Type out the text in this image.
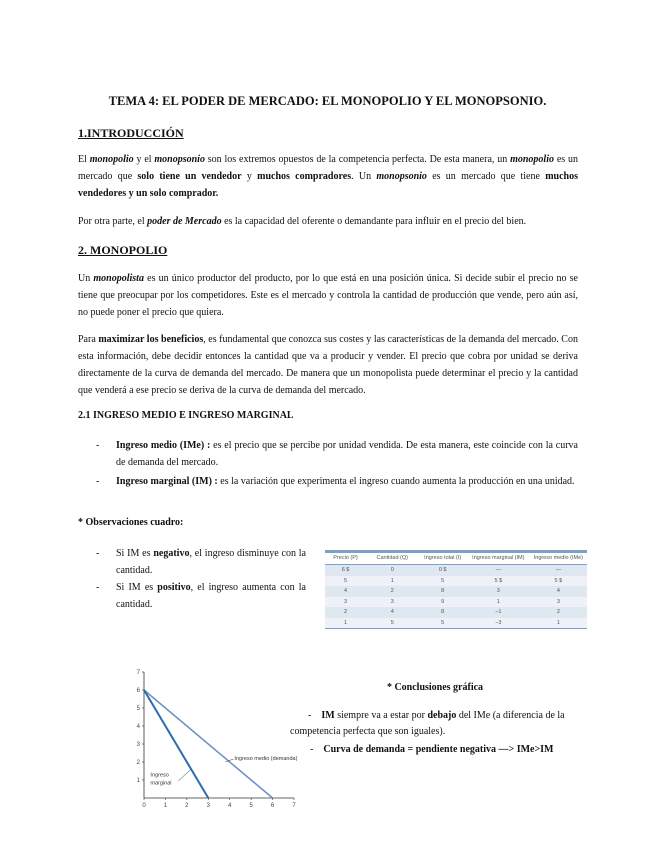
TEMA 4: EL PODER DE MERCADO: EL MONOPOLIO Y EL MONOPSONIO.
1.INTRODUCCIÓN
El monopolio y el monopsonio son los extremos opuestos de la competencia perfecta. De esta manera, un monopolio es un mercado que solo tiene un vendedor y muchos compradores. Un monopsonio es un mercado que tiene muchos vendedores y un solo comprador.
Por otra parte, el poder de Mercado es la capacidad del oferente o demandante para influir en el precio del bien.
2. MONOPOLIO
Un monopolista es un único productor del producto, por lo que está en una posición única. Si decide subir el precio no se tiene que preocupar por los competidores. Este es el mercado y controla la cantidad de producción que vende, pero aún así, no puede poner el precio que quiera.
Para maximizar los beneficios, es fundamental que conozca sus costes y las características de la demanda del mercado. Con esta información, debe decidir entonces la cantidad que va a producir y vender. El precio que cobra por unidad se deriva directamente de la curva de demanda del mercado. De manera que un monopolista puede determinar el precio y la cantidad que venderá a ese precio se deriva de la curva de demanda del mercado.
2.1 INGRESO MEDIO E INGRESO MARGINAL
- Ingreso medio (IMe) : es el precio que se percibe por unidad vendida. De esta manera, este coincide con la curva de demanda del mercado.
- Ingreso marginal (IM) : es la variación que experimenta el ingreso cuando aumenta la producción en una unidad.
* Observaciones cuadro:
- Si IM es negativo, el ingreso disminuye con la cantidad.
- Si IM es positivo, el ingreso aumenta con la cantidad.
Precio (P)	Cantidad (Q)	Ingreso total (I)	Ingreso marginal (IM)	Ingreso medio (IMe)
6 $	0	0 $	—	—
5	1	5	5 $	5 $
4	2	8	3	4
3	3	9	1	3
2	4	8	−1	2
1	5	5	−3	1
0	1	2	3	4	5	6	7
1
2
3
4
5
6
7
Ingreso medio (demanda)
Ingreso
marginal
* Conclusiones gráfica
-    IM siempre va a estar por debajo del IMe (a diferencia de la competencia perfecta que son iguales).
-    Curva de demanda = pendiente negativa —> IMe>IM
